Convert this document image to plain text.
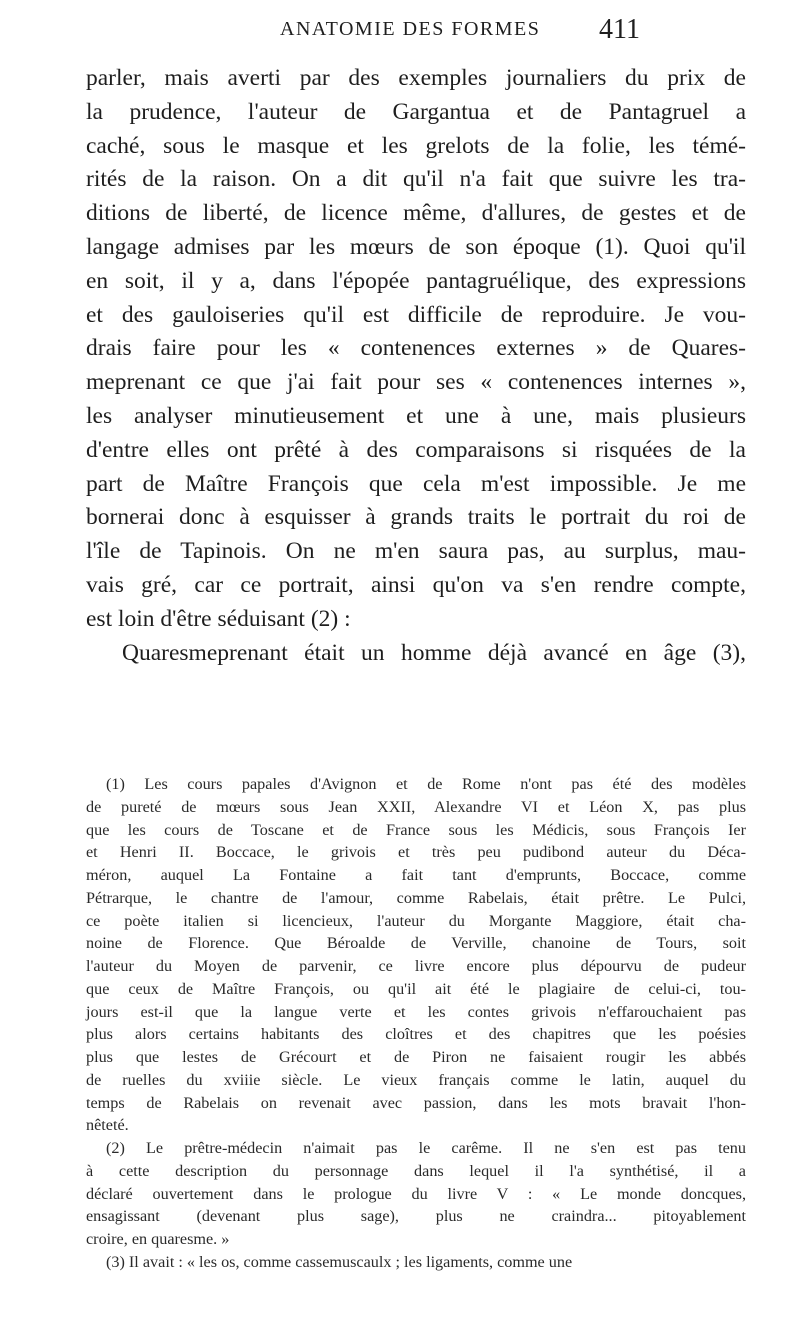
ANATOMIE DES FORMES 411
parler, mais averti par des exemples journaliers du prix de
la prudence, l'auteur de Gargantua et de Pantagruel a
caché, sous le masque et les grelots de la folie, les témé-
rités de la raison. On a dit qu'il n'a fait que suivre les tra-
ditions de liberté, de licence même, d'allures, de gestes et de
langage admises par les mœurs de son époque (1). Quoi qu'il
en soit, il y a, dans l'épopée pantagruélique, des expressions
et des gauloiseries qu'il est difficile de reproduire. Je vou-
drais faire pour les « contenences externes » de Quares-
meprenant ce que j'ai fait pour ses « contenences internes »,
les analyser minutieusement et une à une, mais plusieurs
d'entre elles ont prêté à des comparaisons si risquées de la
part de Maître François que cela m'est impossible. Je me
bornerai donc à esquisser à grands traits le portrait du roi de
l'île de Tapinois. On ne m'en saura pas, au surplus, mau-
vais gré, car ce portrait, ainsi qu'on va s'en rendre compte,
est loin d'être séduisant (2) :
Quaresmeprenant était un homme déjà avancé en âge (3),
(1) Les cours papales d'Avignon et de Rome n'ont pas été des modèles
de pureté de mœurs sous Jean XXII, Alexandre VI et Léon X, pas plus
que les cours de Toscane et de France sous les Médicis, sous François Ier
et Henri II. Boccace, le grivois et très peu pudibond auteur du Déca-
méron, auquel La Fontaine a fait tant d'emprunts, Boccace, comme
Pétrarque, le chantre de l'amour, comme Rabelais, était prêtre. Le Pulci,
ce poète italien si licencieux, l'auteur du Morgante Maggiore, était cha-
noine de Florence. Que Béroalde de Verville, chanoine de Tours, soit
l'auteur du Moyen de parvenir, ce livre encore plus dépourvu de pudeur
que ceux de Maître François, ou qu'il ait été le plagiaire de celui-ci, tou-
jours est-il que la langue verte et les contes grivois n'effarouchaient pas
plus alors certains habitants des cloîtres et des chapitres que les poésies
plus que lestes de Grécourt et de Piron ne faisaient rougir les abbés
de ruelles du xviiie siècle. Le vieux français comme le latin, auquel du
temps de Rabelais on revenait avec passion, dans les mots bravait l'hon-
nêteté.
(2) Le prêtre-médecin n'aimait pas le carême. Il ne s'en est pas tenu
à cette description du personnage dans lequel il l'a synthétisé, il a
déclaré ouvertement dans le prologue du livre V : « Le monde doncques,
ensagissant (devenant plus sage), plus ne craindra... pitoyablement
croire, en quaresme. »
(3) Il avait : « les os, comme cassemuscaulx ; les ligaments, comme une
